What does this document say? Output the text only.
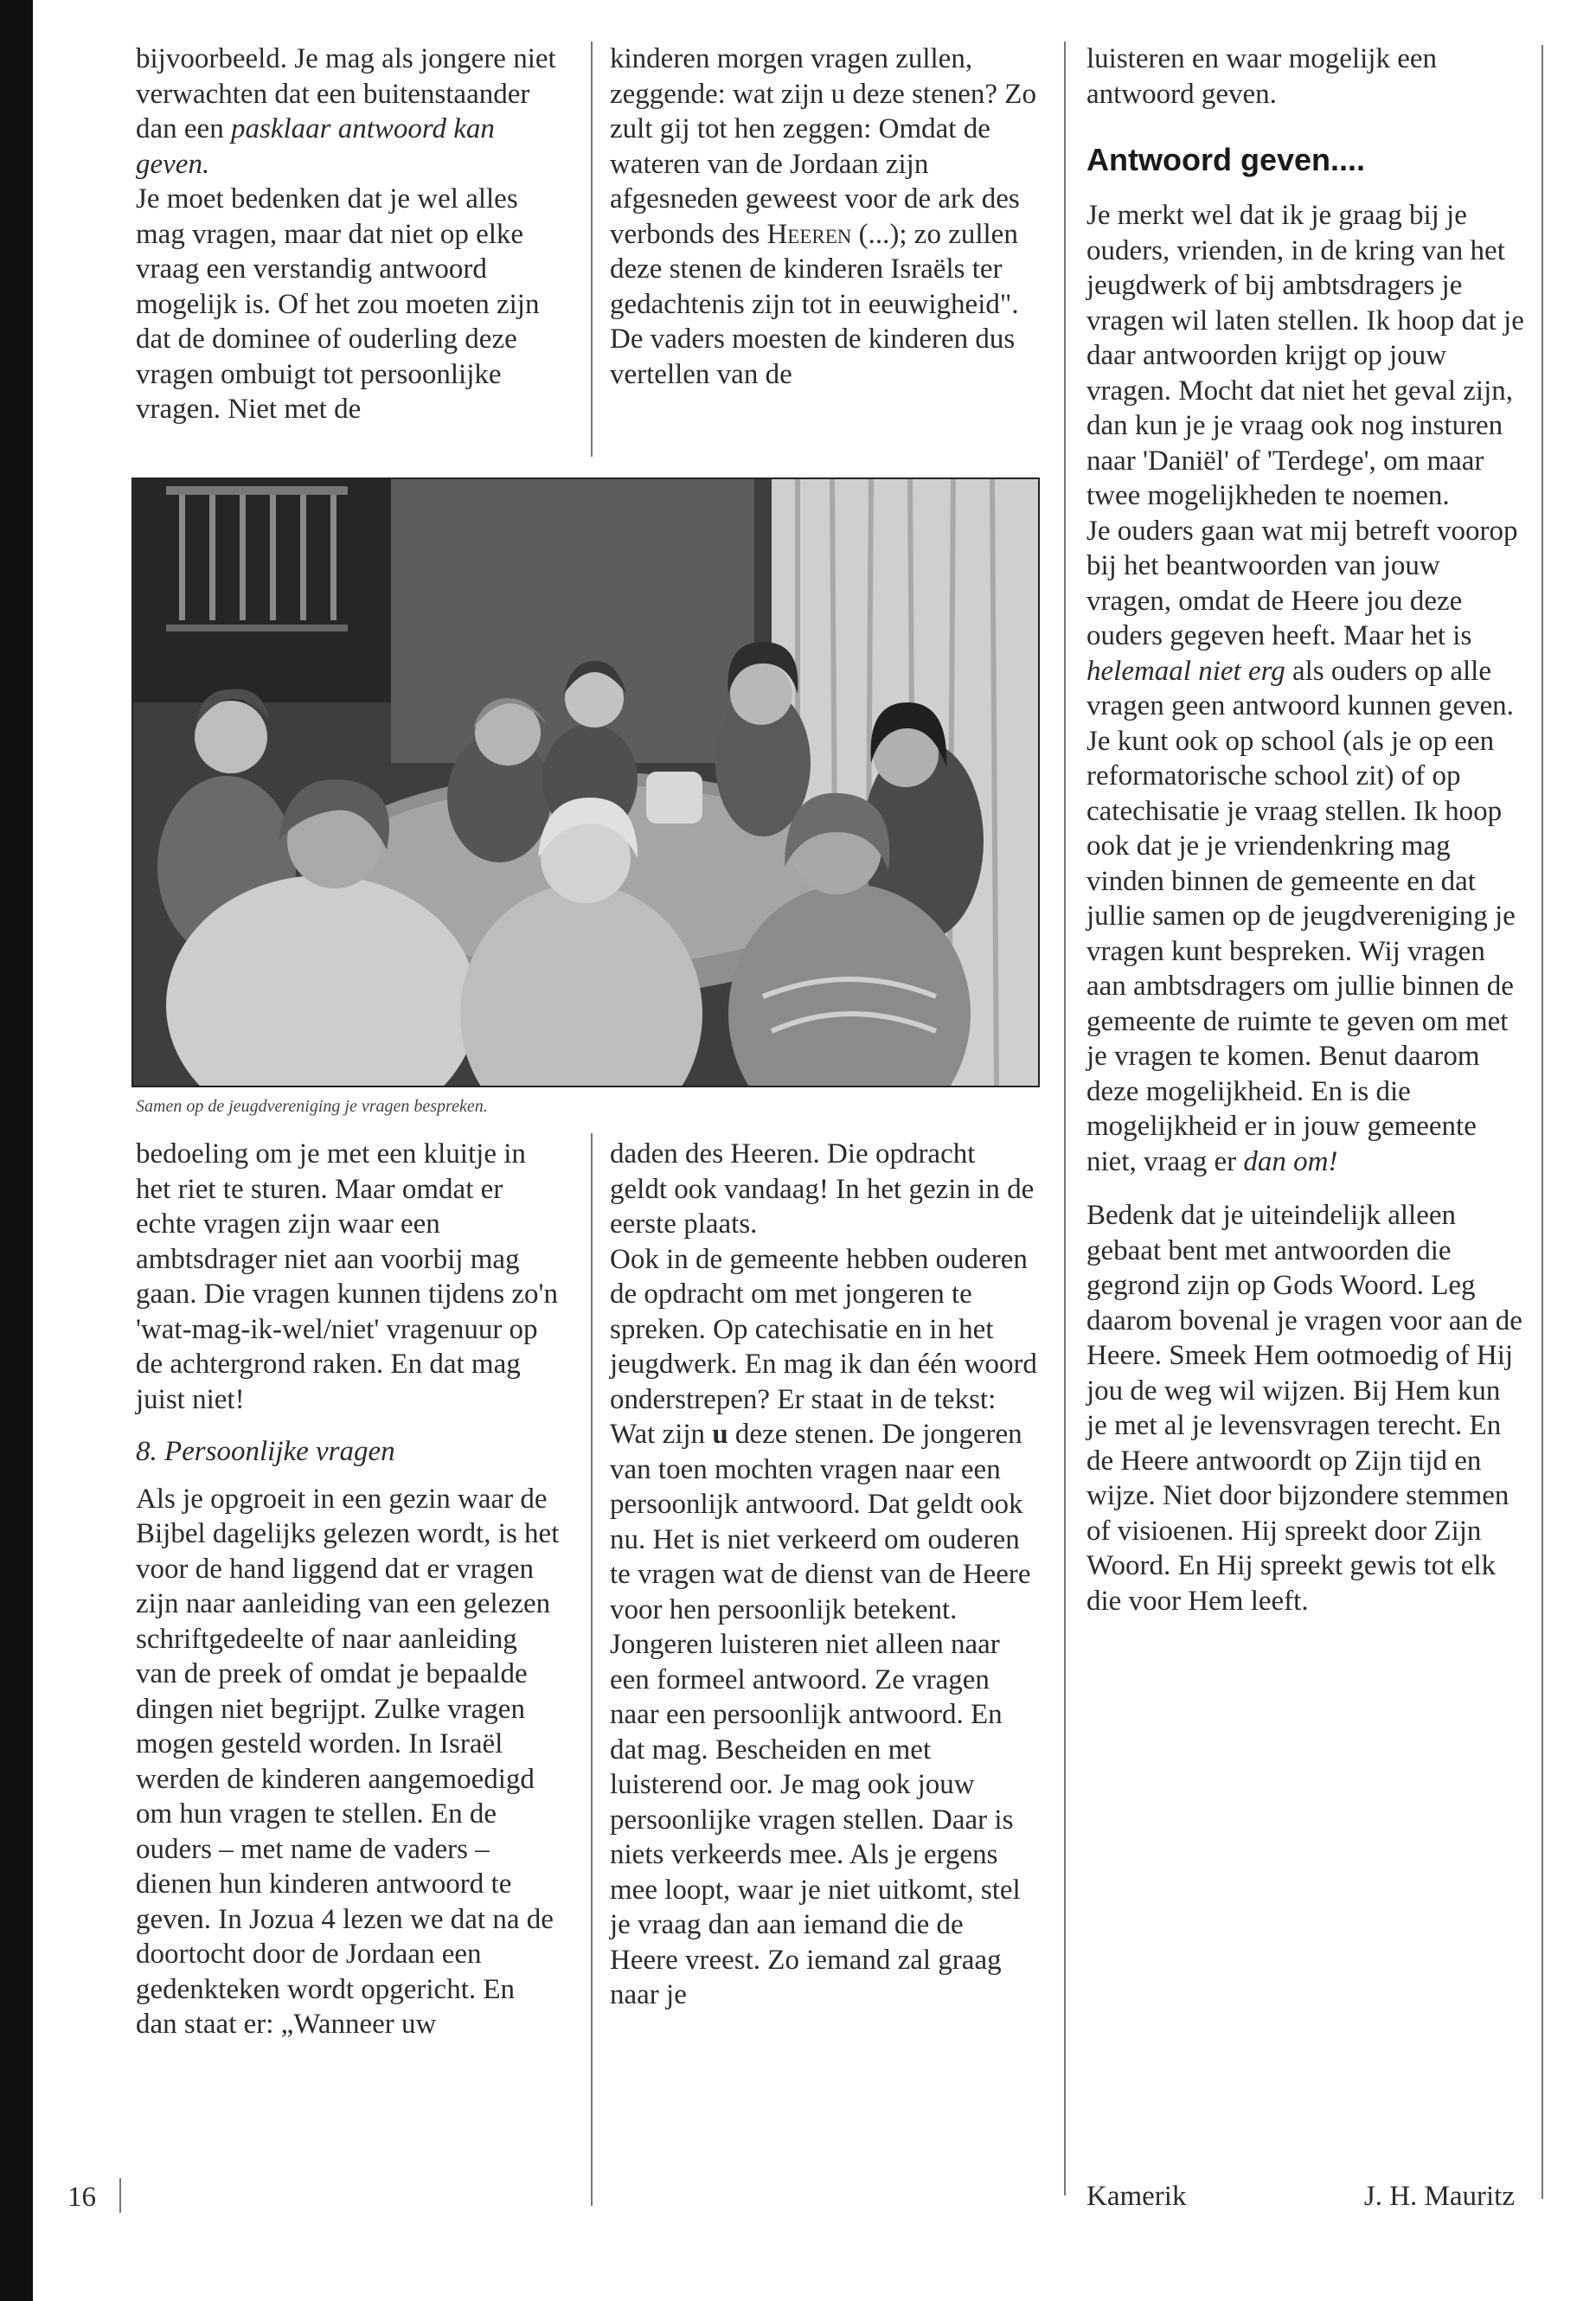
bijvoorbeeld. Je mag als jongere niet verwachten dat een buitenstaander dan een pasklaar antwoord kan geven.
Je moet bedenken dat je wel alles mag vragen, maar dat niet op elke vraag een verstandig antwoord mogelijk is. Of het zou moeten zijn dat de dominee of ouderling deze vragen ombuigt tot persoonlijke vragen. Niet met de

kinderen morgen vragen zullen, zeggende: wat zijn u deze stenen? Zo zult gij tot hen zeggen: Omdat de wateren van de Jordaan zijn afgesneden geweest voor de ark des verbonds des Heeren (...); zo zullen deze stenen de kinderen Israëls ter gedachtenis zijn tot in eeuwigheid". De vaders moesten de kinderen dus vertellen van de

luisteren en waar mogelijk een antwoord geven.

Antwoord geven....

Je merkt wel dat ik je graag bij je ouders, vrienden, in de kring van het jeugdwerk of bij ambtsdragers je vragen wil laten stellen. Ik hoop dat je daar antwoorden krijgt op jouw vragen. Mocht dat niet het geval zijn, dan kun je je vraag ook nog insturen naar 'Daniël' of 'Terdege', om maar twee mogelijkheden te noemen.

Je ouders gaan wat mij betreft voorop bij het beantwoorden van jouw vragen, omdat de Heere jou deze ouders gegeven heeft. Maar het is helemaal niet erg als ouders op alle vragen geen antwoord kunnen geven. Je kunt ook op school (als je op een reformatorische school zit) of op catechisatie je vraag stellen. Ik hoop ook dat je je vriendenkring mag vinden binnen de gemeente en dat jullie samen op de jeugdvereniging je vragen kunt bespreken. Wij vragen aan ambtsdragers om jullie binnen de gemeente de ruimte te geven om met je vragen te komen. Benut daarom deze mogelijkheid. En is die mogelijkheid er in jouw gemeente niet, vraag er dan om!

Bedenk dat je uiteindelijk alleen gebaat bent met antwoorden die gegrond zijn op Gods Woord. Leg daarom bovenal je vragen voor aan de Heere. Smeek Hem ootmoedig of Hij jou de weg wil wijzen. Bij Hem kun je met al je levensvragen terecht. En de Heere antwoordt op Zijn tijd en wijze. Niet door bijzondere stemmen of visioenen. Hij spreekt door Zijn Woord. En Hij spreekt gewis tot elk die voor Hem leeft.

Samen op de jeugdvereniging je vragen bespreken.

bedoeling om je met een kluitje in het riet te sturen. Maar omdat er echte vragen zijn waar een ambtsdrager niet aan voorbij mag gaan. Die vragen kunnen tijdens zo'n 'wat-mag-ik-wel/niet' vragenuur op de achtergrond raken. En dat mag juist niet!

8. Persoonlijke vragen

Als je opgroeit in een gezin waar de Bijbel dagelijks gelezen wordt, is het voor de hand liggend dat er vragen zijn naar aanleiding van een gelezen schriftgedeelte of naar aanleiding van de preek of omdat je bepaalde dingen niet begrijpt. Zulke vragen mogen gesteld worden. In Israël werden de kinderen aangemoedigd om hun vragen te stellen. En de ouders – met name de vaders – dienen hun kinderen antwoord te geven. In Jozua 4 lezen we dat na de doortocht door de Jordaan een gedenkteken wordt opgericht. En dan staat er: „Wanneer uw

daden des Heeren. Die opdracht geldt ook vandaag! In het gezin in de eerste plaats.

Ook in de gemeente hebben ouderen de opdracht om met jongeren te spreken. Op catechisatie en in het jeugdwerk. En mag ik dan één woord onderstrepen? Er staat in de tekst: Wat zijn u deze stenen. De jongeren van toen mochten vragen naar een persoonlijk antwoord. Dat geldt ook nu. Het is niet verkeerd om ouderen te vragen wat de dienst van de Heere voor hen persoonlijk betekent. Jongeren luisteren niet alleen naar een formeel antwoord. Ze vragen naar een persoonlijk antwoord. En dat mag. Bescheiden en met luisterend oor. Je mag ook jouw persoonlijke vragen stellen. Daar is niets verkeerds mee. Als je ergens mee loopt, waar je niet uitkomt, stel je vraag dan aan iemand die de Heere vreest. Zo iemand zal graag naar je

16	Kamerik	J. H. Mauritz
